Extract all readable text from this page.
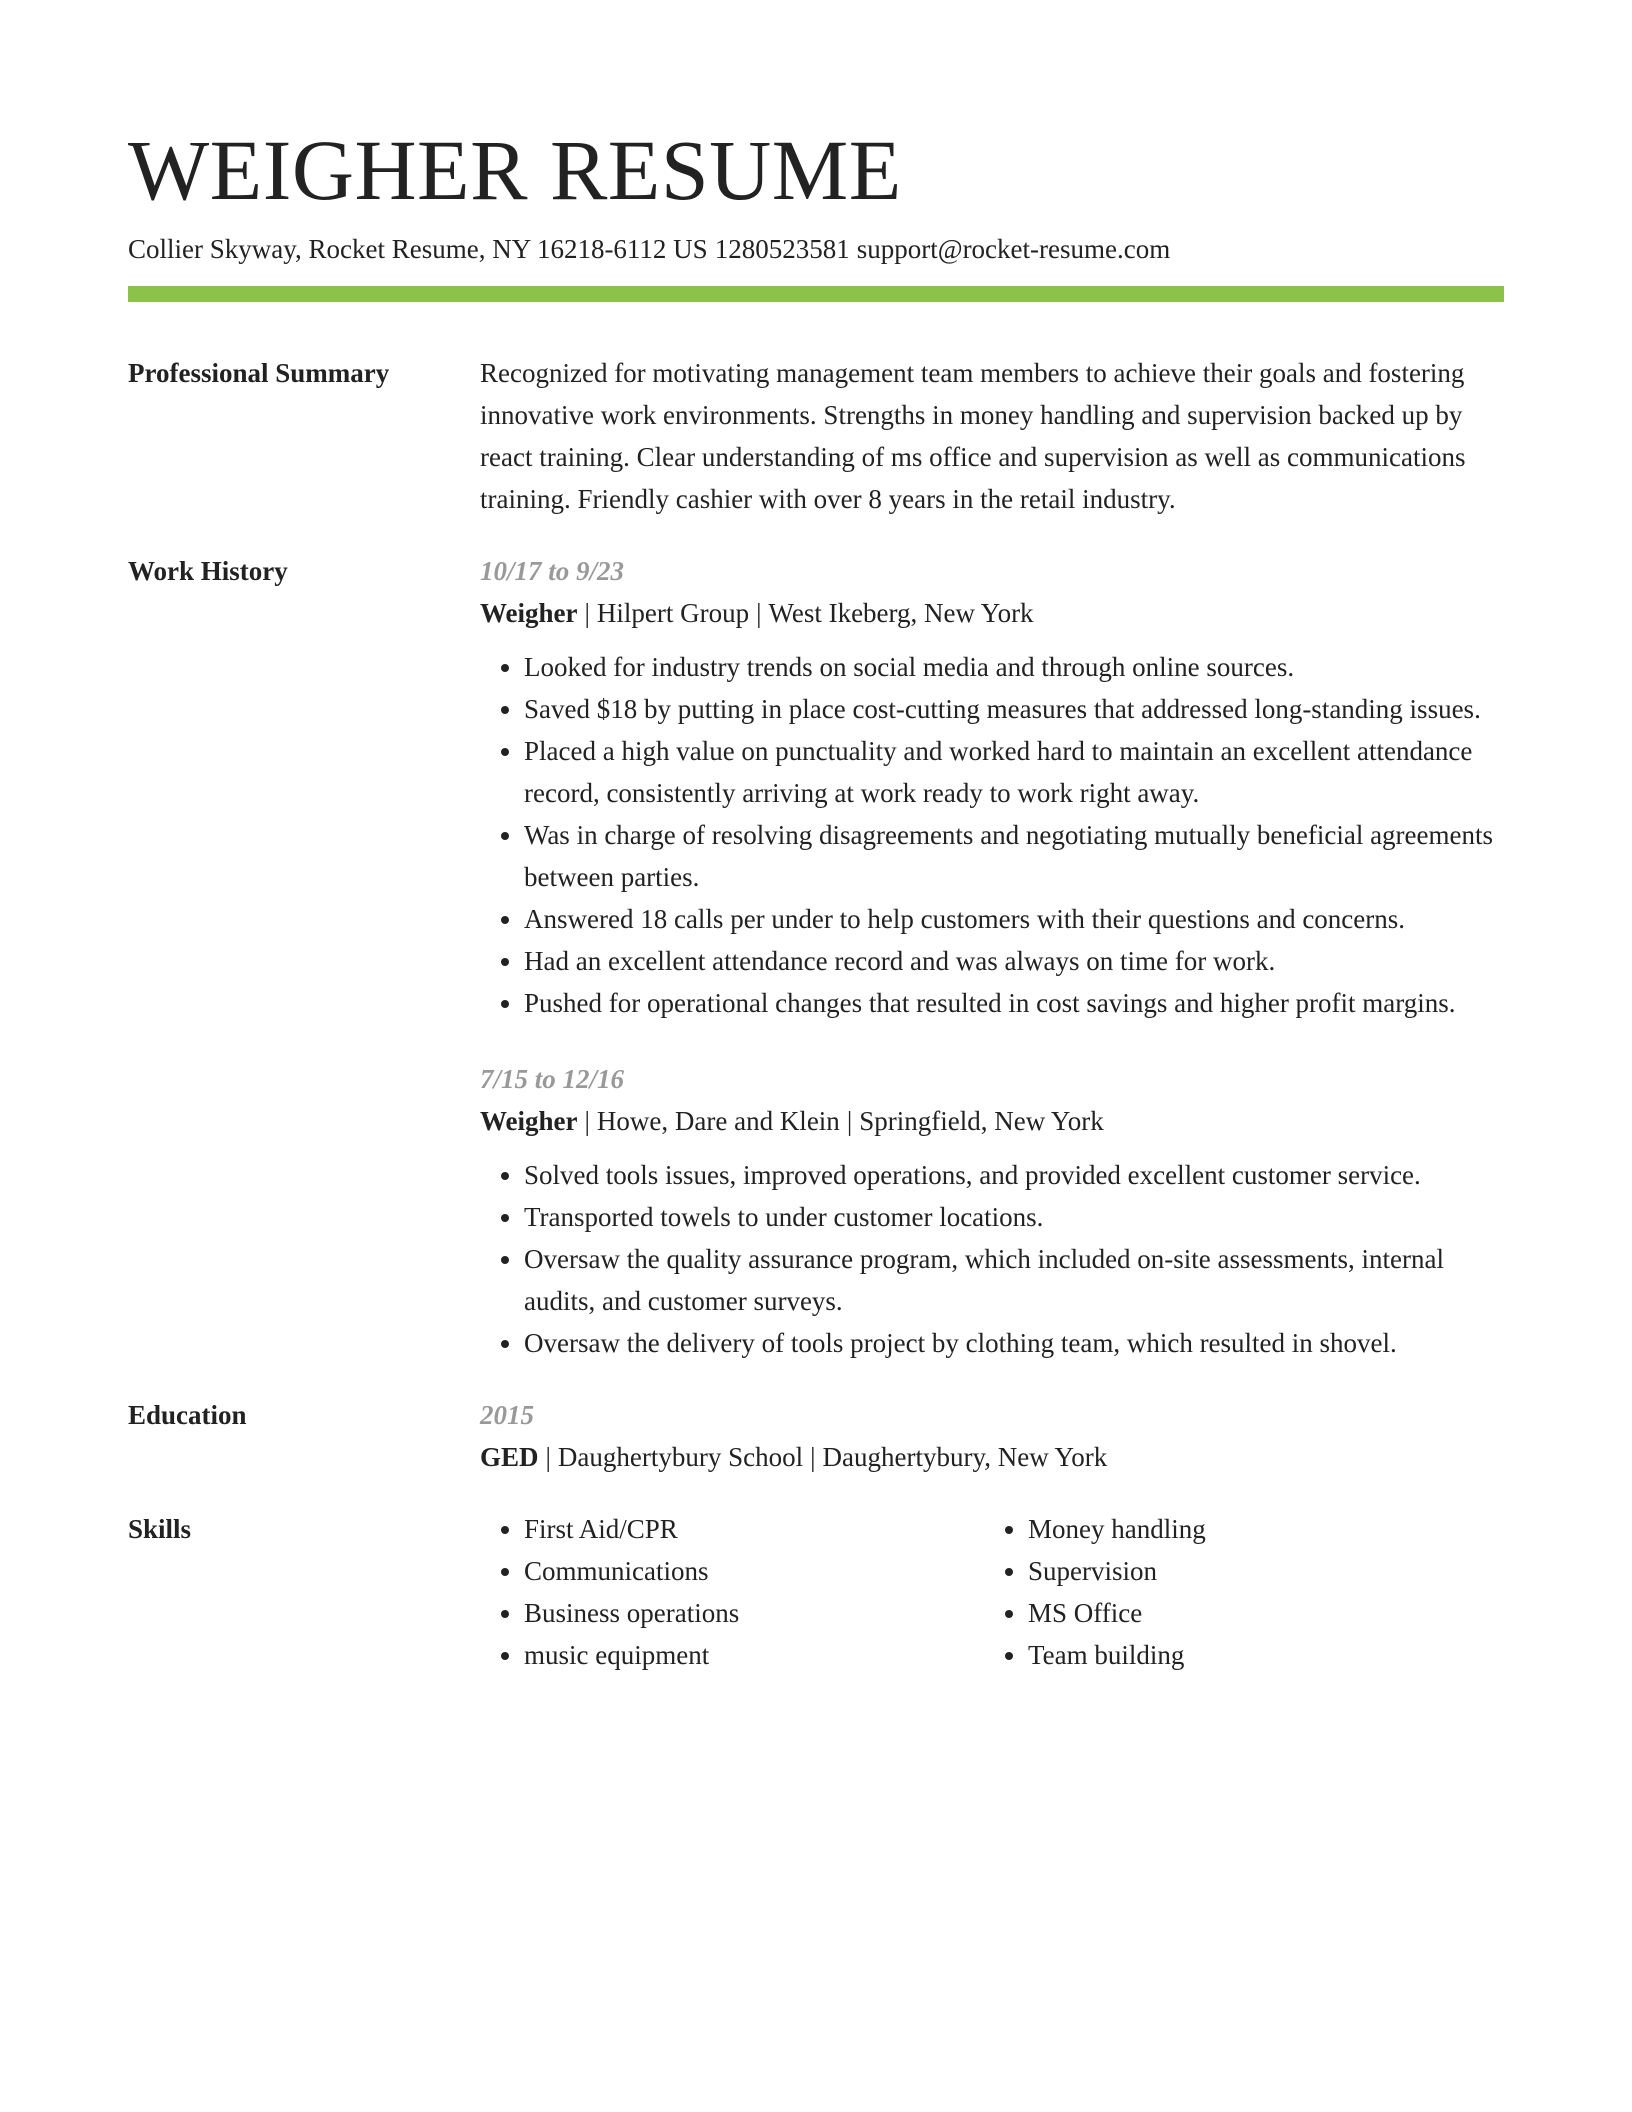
WEIGHER RESUME
Collier Skyway, Rocket Resume, NY 16218-6112 US 1280523581 support@rocket-resume.com
Professional Summary	Recognized for motivating management team members to achieve their goals and fostering innovative work environments. Strengths in money handling and supervision backed up by react training. Clear understanding of ms office and supervision as well as communications training. Friendly cashier with over 8 years in the retail industry.

Work History	10/17 to 9/23
Weigher | Hilpert Group | West Ikeberg, New York
• Looked for industry trends on social media and through online sources.
• Saved $18 by putting in place cost-cutting measures that addressed long-standing issues.
• Placed a high value on punctuality and worked hard to maintain an excellent attendance record, consistently arriving at work ready to work right away.
• Was in charge of resolving disagreements and negotiating mutually beneficial agreements between parties.
• Answered 18 calls per under to help customers with their questions and concerns.
• Had an excellent attendance record and was always on time for work.
• Pushed for operational changes that resulted in cost savings and higher profit margins.
7/15 to 12/16
Weigher | Howe, Dare and Klein | Springfield, New York
• Solved tools issues, improved operations, and provided excellent customer service.
• Transported towels to under customer locations.
• Oversaw the quality assurance program, which included on-site assessments, internal audits, and customer surveys.
• Oversaw the delivery of tools project by clothing team, which resulted in shovel.
Education	2015
GED | Daughertybury School | Daughertybury, New York
Skills
•	First Aid/CPR
• Communications
• Business operations
• music equipment
• Money handling
• Supervision
• MS Office
• Team building
